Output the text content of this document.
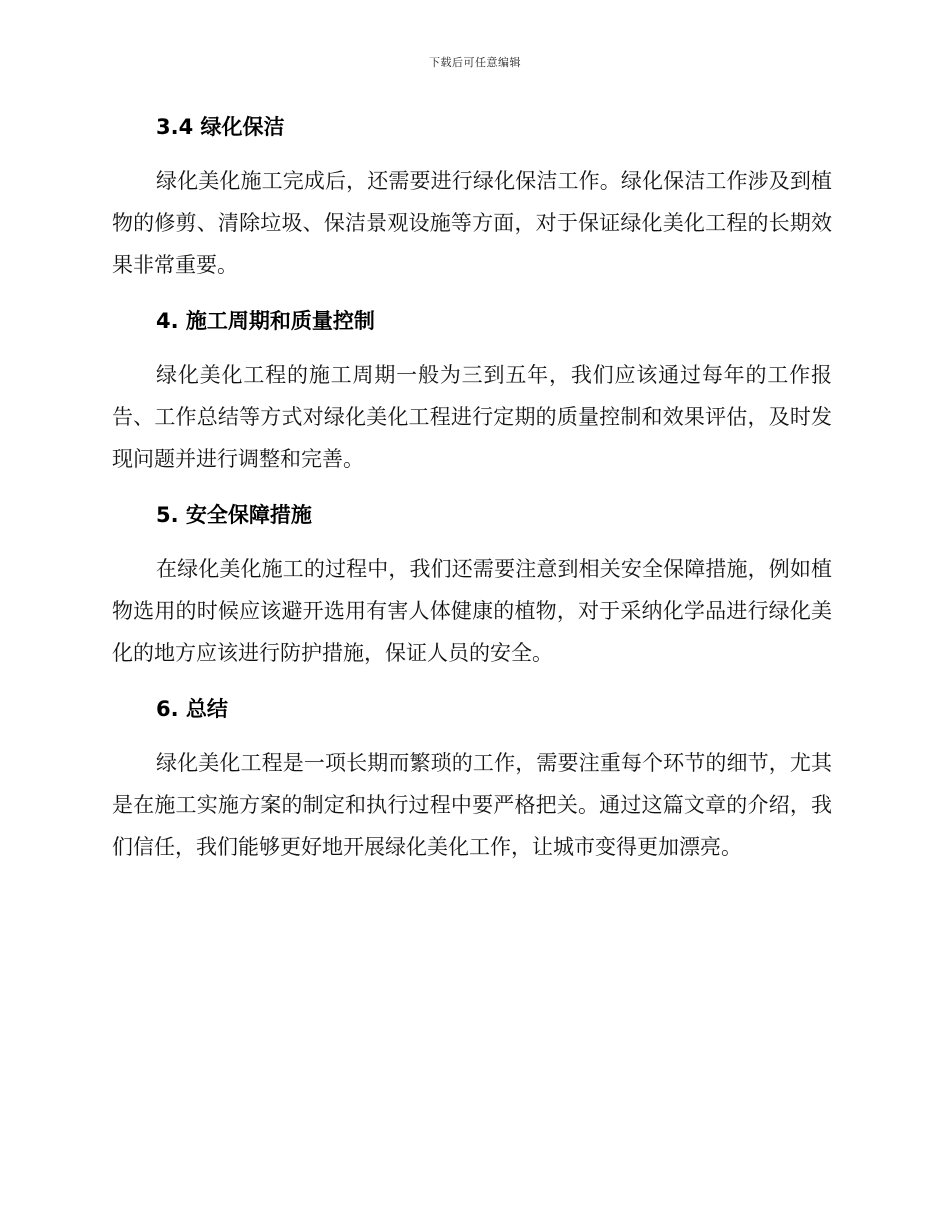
下载后可任意编辑
3.4 绿化保洁

绿化美化施工完成后，还需要进行绿化保洁工作。绿化保洁工作涉及到植物的修剪、清除垃圾、保洁景观设施等方面，对于保证绿化美化工程的长期效果非常重要。

4. 施工周期和质量控制

绿化美化工程的施工周期一般为三到五年，我们应该通过每年的工作报告、工作总结等方式对绿化美化工程进行定期的质量控制和效果评估，及时发现问题并进行调整和完善。

5. 安全保障措施

在绿化美化施工的过程中，我们还需要注意到相关安全保障措施，例如植物选用的时候应该避开选用有害人体健康的植物，对于采纳化学品进行绿化美化的地方应该进行防护措施，保证人员的安全。

6. 总结

绿化美化工程是一项长期而繁琐的工作，需要注重每个环节的细节，尤其是在施工实施方案的制定和执行过程中要严格把关。通过这篇文章的介绍，我们信任，我们能够更好地开展绿化美化工作，让城市变得更加漂亮。
